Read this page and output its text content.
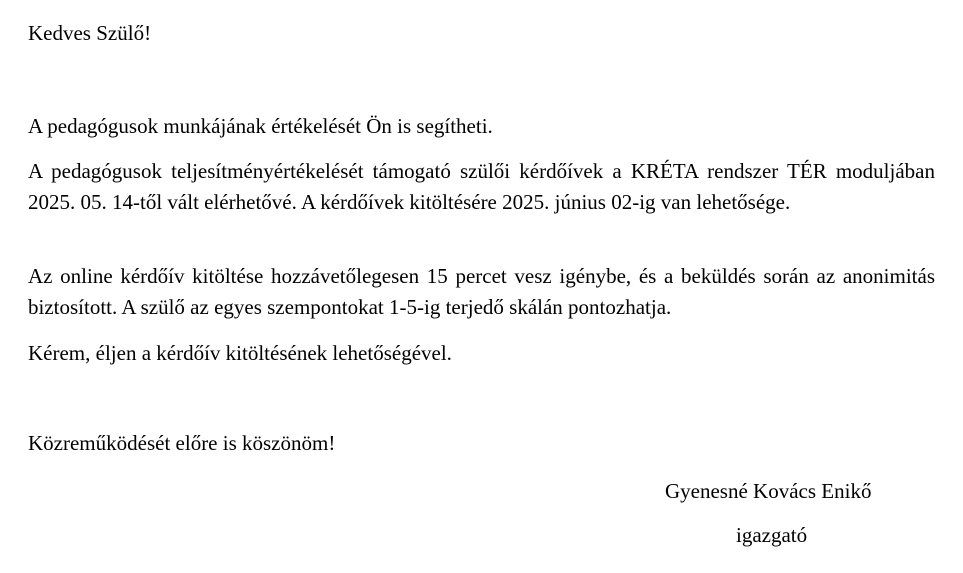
Kedves Szülő!
A pedagógusok munkájának értékelését Ön is segítheti.
A pedagógusok teljesítményértékelését támogató szülői kérdőívek a KRÉTA rendszer TÉR moduljában 2025. 05. 14-től vált elérhetővé. A kérdőívek kitöltésére 2025. június 02-ig van lehetősége.
Az online kérdőív kitöltése hozzávetőlegesen 15 percet vesz igénybe, és a beküldés során az anonimitás biztosított. A szülő az egyes szempontokat 1-5-ig terjedő skálán pontozhatja.
Kérem, éljen a kérdőív kitöltésének lehetőségével.
Közreműködését előre is köszönöm!
Gyenesné Kovács Enikő
igazgató
